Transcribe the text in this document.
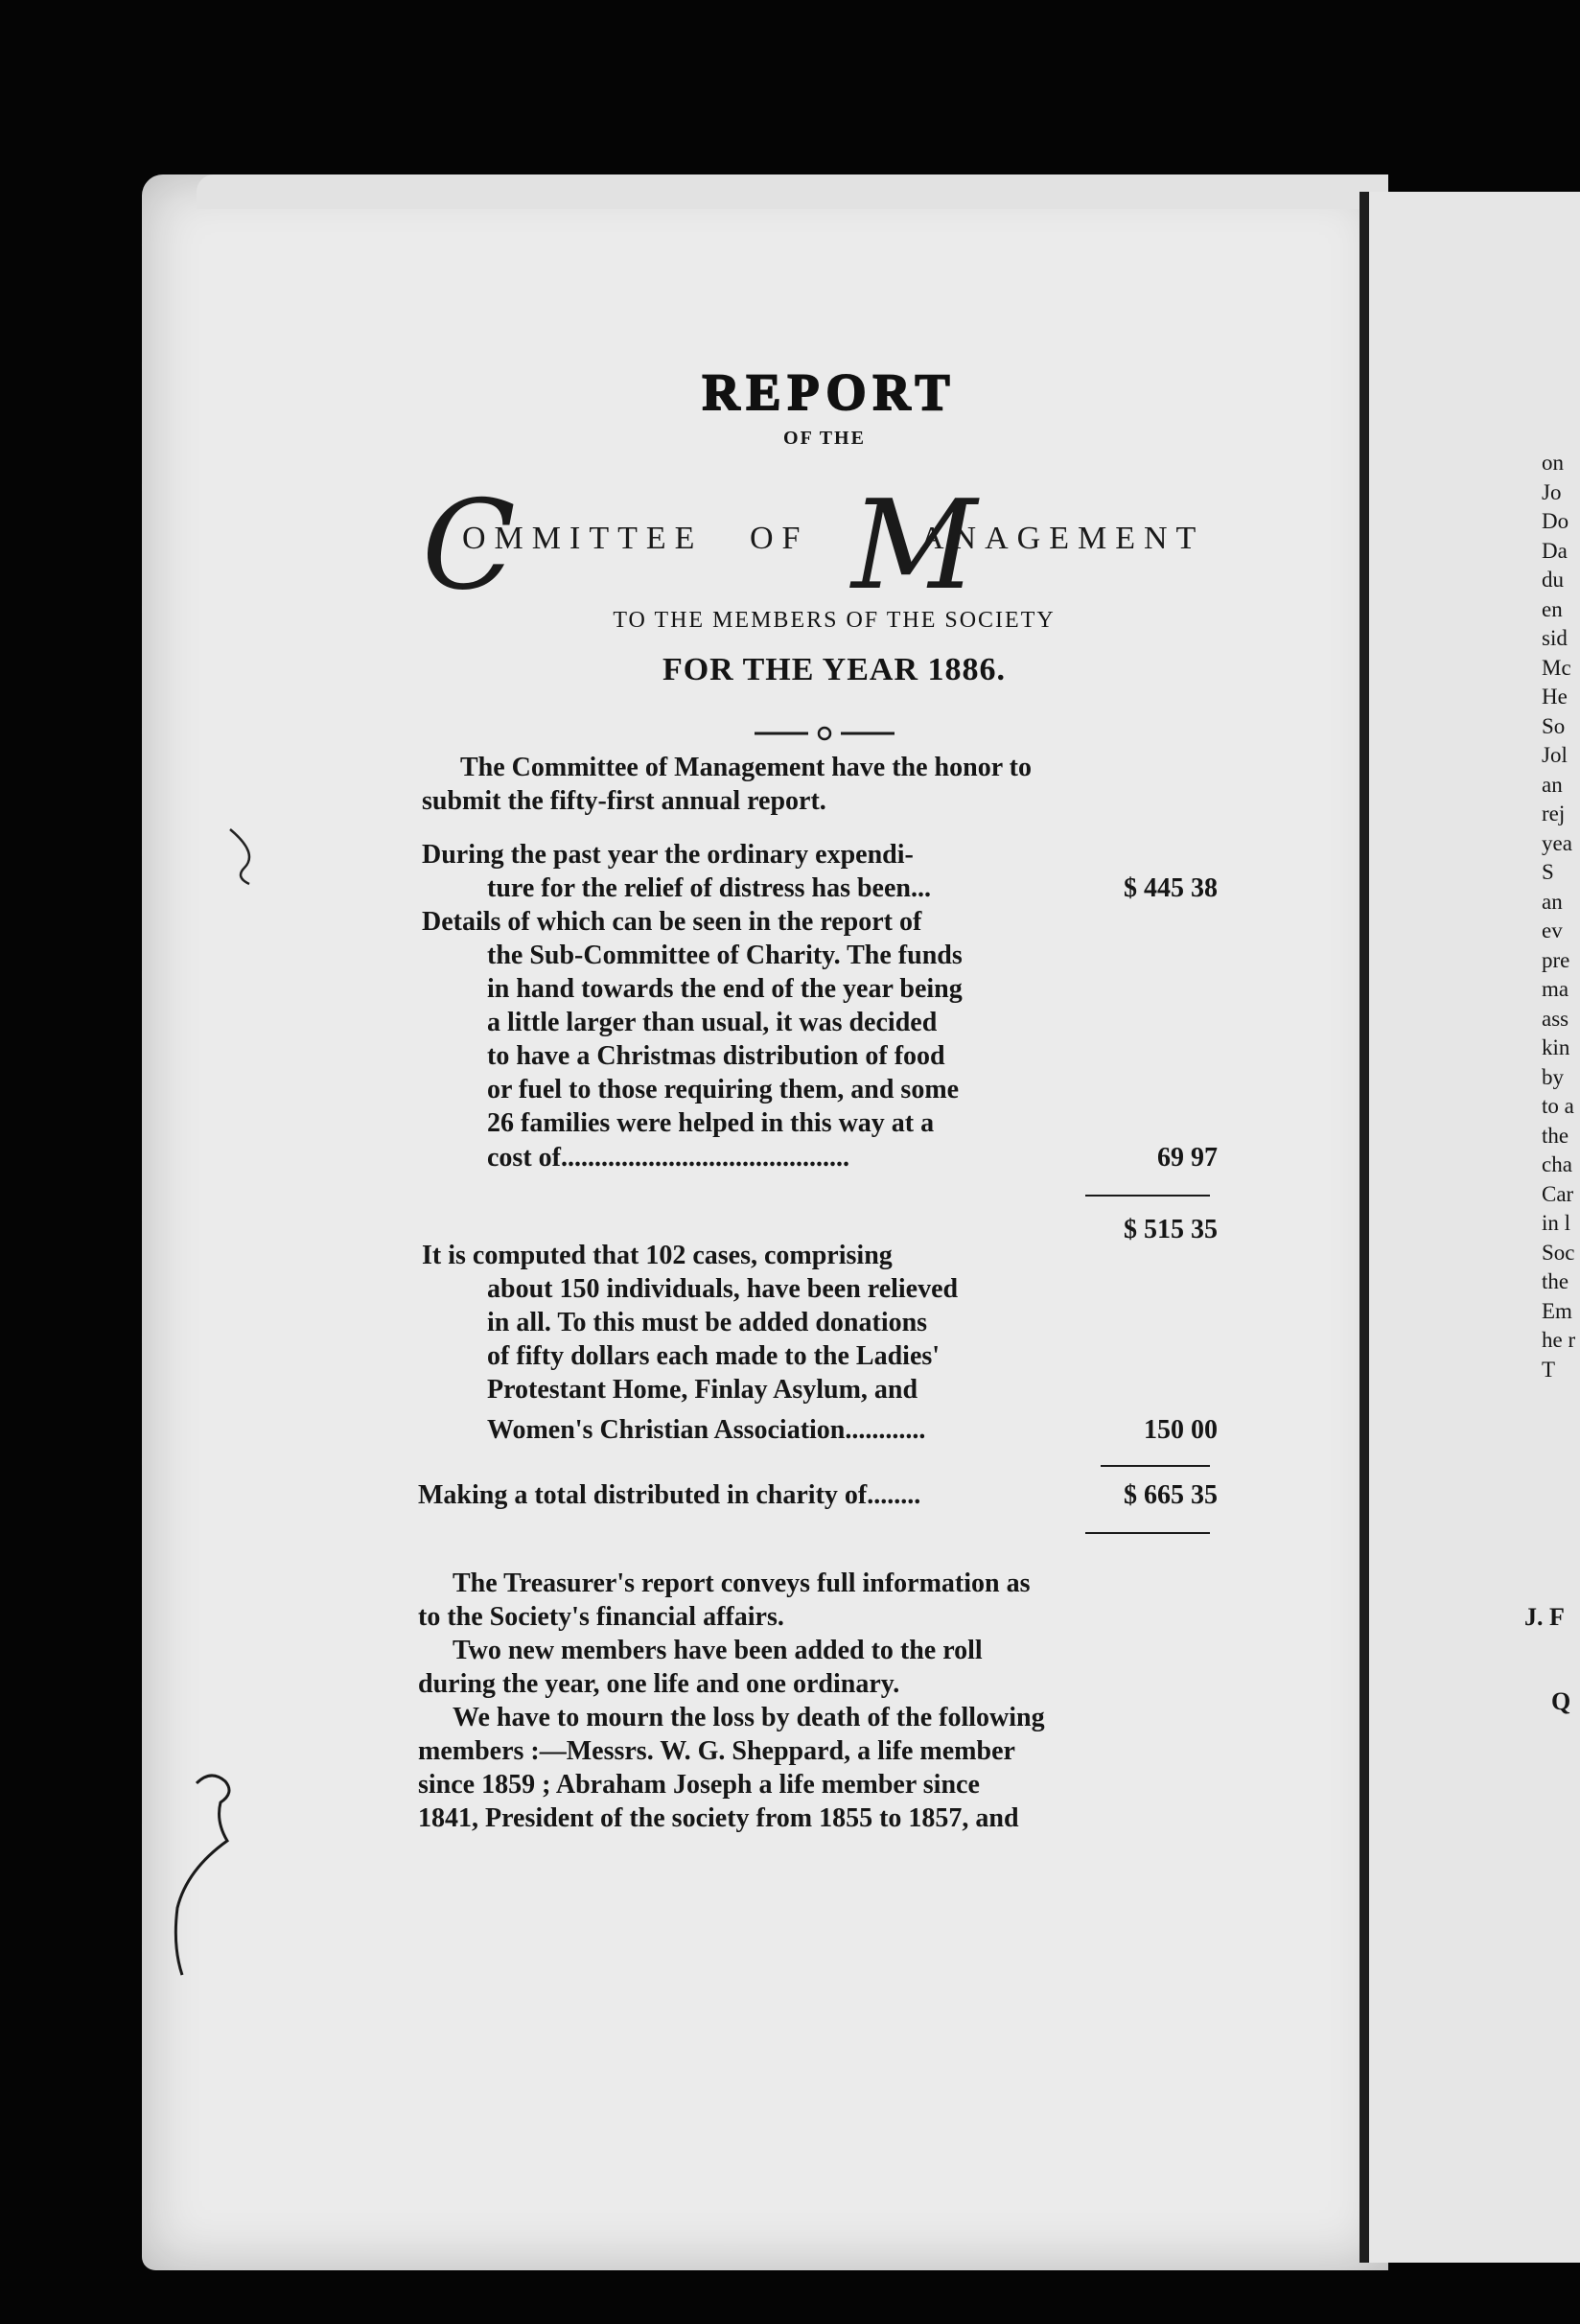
REPORT
OF THE
C
OMMITTEE OF M
ANAGEMENT
TO THE MEMBERS OF THE SOCIETY
FOR THE YEAR 1886.
The Committee of Management have the honor to
submit the fifty-first annual report.
During the past year the ordinary expendi-
ture for the relief of distress has been...	$ 445 38
Details of which can be seen in the report of
the Sub-Committee of Charity. The funds
in hand towards the end of the year being
a little larger than usual, it was decided
to have a Christmas distribution of food
or fuel to those requiring them, and some
26 families were helped in this way at a
cost of...........................................	69 97
$ 515 35
It is computed that 102 cases, comprising
about 150 individuals, have been relieved
in all. To this must be added donations
of fifty dollars each made to the Ladies'
Protestant Home, Finlay Asylum, and
Women's Christian Association............	150 00
Making a total distributed in charity of........	$ 665 35
The Treasurer's report conveys full information as
to the Society's financial affairs.
Two new members have been added to the roll
during the year, one life and one ordinary.
We have to mourn the loss by death of the following
members :—Messrs. W. G. Sheppard, a life member
since 1859 ; Abraham Joseph a life member since
1841, President of the society from 1855 to 1857, and
on
Jo
Do
Da
du
en
sid
Mc
He
So
Jol
an
rej
yea
S
an
ev
pre
ma
ass
kin
by
to a
the
cha
Car
in l
Soc
the
Em
he r
T
J. F
Q
